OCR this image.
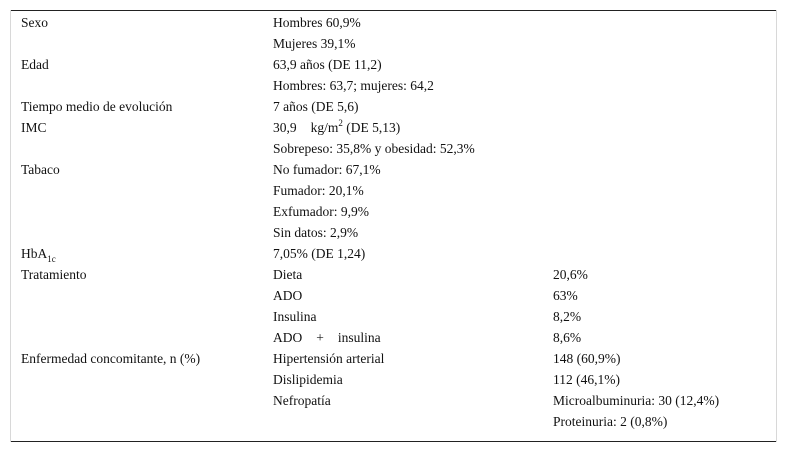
Sexo	Hombres 60,9%	
	Mujeres 39,1%	
Edad	63,9 años (DE 11,2)	
	Hombres: 63,7; mujeres: 64,2	
Tiempo medio de evolución	7 años (DE 5,6)	
IMC	30,9 $kg/m^2$ (DE 5,13)	
	Sobrepeso: 35,8% y obesidad: 52,3%	
Tabaco	No fumador: 67,1%	
	Fumador: 20,1%	
	Exfumador: 9,9%	
	Sin datos: 2,9%	
HbA$_{1c}$	7,05% (DE 1,24)	
Tratamiento	Dieta	20,6%
	ADO	63%
	Insulina	8,2%
	ADO + insulina	8,6%
Enfermedad concomitante, n (%)	Hipertensión arterial	148 (60,9%)
	Dislipidemia	112 (46,1%)
	Nefropatía	Microalbuminuria: 30 (12,4%)
		Proteinuria: 2 (0,8%)
